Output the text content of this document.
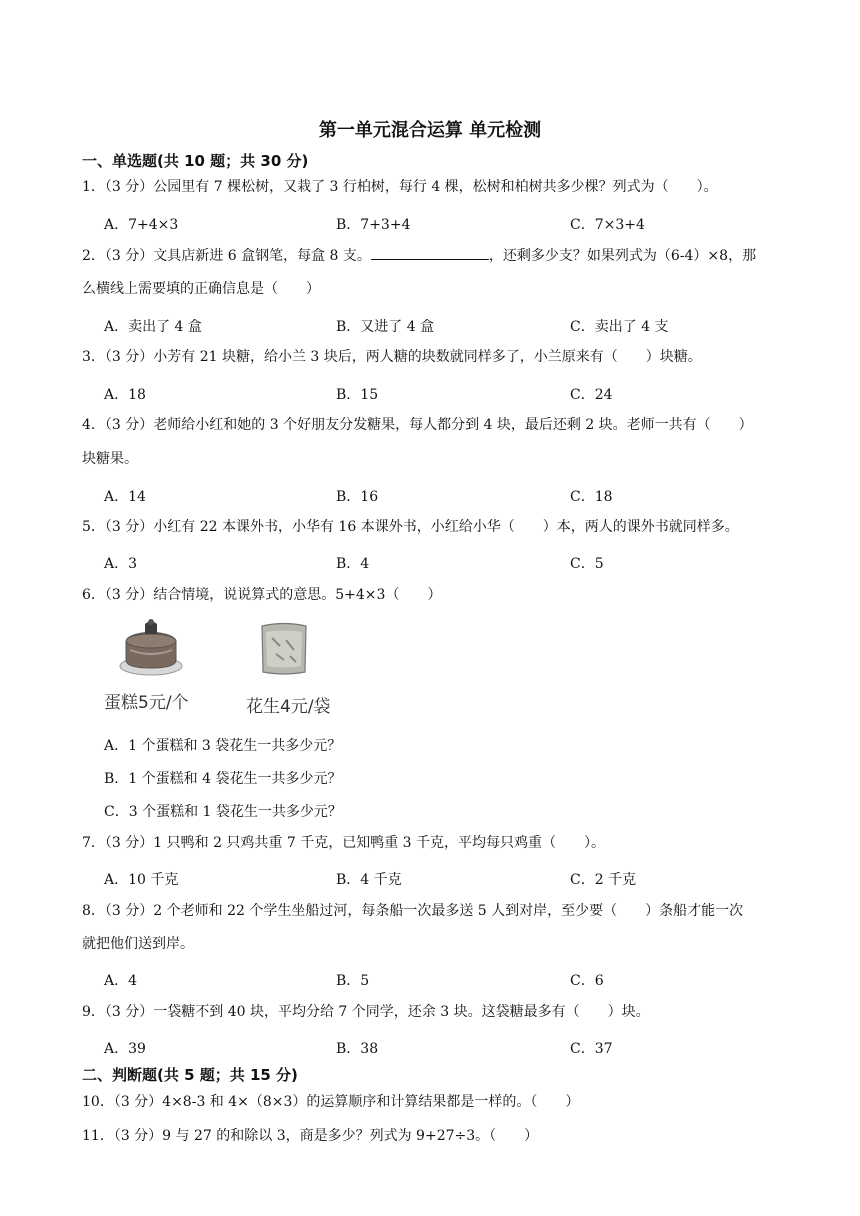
第一单元混合运算 单元检测
一、单选题(共 10 题；共 30 分)
1．（3 分）公园里有 7 棵松树，又栽了 3 行柏树，每行 4 棵，松树和柏树共多少棵？列式为（　　）。
A．7+4×3	B．7+3+4	C．7×3+4
2．（3 分）文具店新进 6 盒钢笔，每盒 8 支。	，还剩多少支？如果列式为（6-4）×8，那
么横线上需要填的正确信息是（　　）
A．卖出了 4 盒	B．又进了 4 盒	C．卖出了 4 支
3．（3 分）小芳有 21 块糖，给小兰 3 块后，两人糖的块数就同样多了，小兰原来有（　　）块糖。
A．18	B．15	C．24
4．（3 分）老师给小红和她的 3 个好朋友分发糖果，每人都分到 4 块，最后还剩 2 块。老师一共有（　　）
块糖果。
A．14	B．16	C．18
5．（3 分）小红有 22 本课外书，小华有 16 本课外书，小红给小华（　　）本，两人的课外书就同样多。
A．3	B．4	C．5
6．（3 分）结合情境，说说算式的意思。5+4×3（　　）
蛋糕5元/个	花生4元/袋
A．1 个蛋糕和 3 袋花生一共多少元？
B．1 个蛋糕和 4 袋花生一共多少元？
C．3 个蛋糕和 1 袋花生一共多少元？
7．（3 分）1 只鸭和 2 只鸡共重 7 千克，已知鸭重 3 千克，平均每只鸡重（　　）。
A．10 千克	B．4 千克	C．2 千克
8．（3 分）2 个老师和 22 个学生坐船过河，每条船一次最多送 5 人到对岸，至少要（　　）条船才能一次
就把他们送到岸。
A．4	B．5	C．6
9．（3 分）一袋糖不到 40 块，平均分给 7 个同学，还余 3 块。这袋糖最多有（　　）块。
A．39	B．38	C．37
二、判断题(共 5 题；共 15 分)
10．（3 分）4×8-3 和 4×（8×3）的运算顺序和计算结果都是一样的。（　　）
11．（3 分）9 与 27 的和除以 3，商是多少？列式为 9+27÷3。（　　）
